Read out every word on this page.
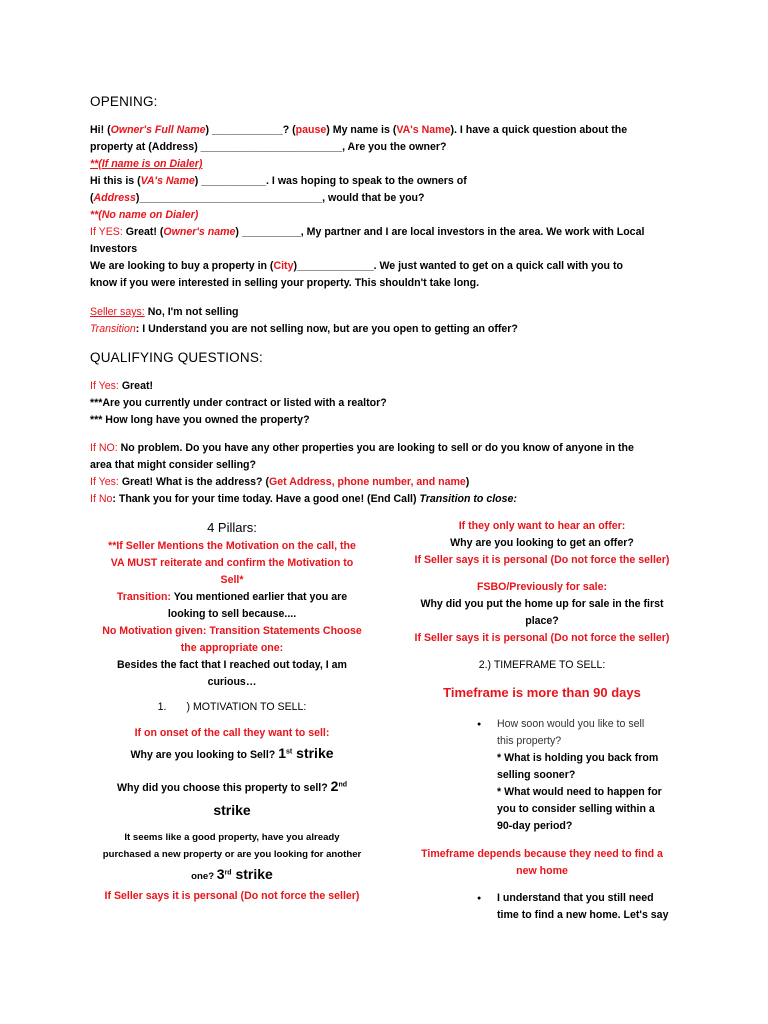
OPENING:
Hi! (Owner's Full Name) ____________? (pause) My name is (VA's Name). I have a quick question about the
property at (Address) ________________________, Are you the owner?
**(If name is on Dialer)
Hi this is (VA's Name) ___________. I was hoping to speak to the owners of
(Address)_______________________________, would that be you?
**(No name on Dialer)
If YES: Great! (Owner's name) __________, My partner and I are local investors in the area. We work with Local
Investors
We are looking to buy a property in (City)_____________. We just wanted to get on a quick call with you to
know if you were interested in selling your property. This shouldn't take long.
Seller says: No, I'm not selling
Transition: I Understand you are not selling now, but are you open to getting an offer?
QUALIFYING QUESTIONS:
If Yes: Great!
***Are you currently under contract or listed with a realtor?
*** How long have you owned the property?
If NO: No problem. Do you have any other properties you are looking to sell or do you know of anyone in the
area that might consider selling?
If Yes: Great! What is the address? (Get Address, phone number, and name)
If No: Thank you for your time today. Have a good one! (End Call) Transition to close:
4 Pillars:
**If Seller Mentions the Motivation on the call, the
VA MUST reiterate and confirm the Motivation to
Sell*
Transition: You mentioned earlier that you are
looking to sell because....
No Motivation given: Transition Statements Choose
the appropriate one:
Besides the fact that I reached out today, I am
curious…
1. ) MOTIVATION TO SELL:
If on onset of the call they want to sell:
Why are you looking to Sell? 1st strike
Why did you choose this property to sell? 2nd
strike
It seems like a good property, have you already
purchased a new property or are you looking for another
one? 3rd strike
If Seller says it is personal (Do not force the seller)
If they only want to hear an offer:
Why are you looking to get an offer?
If Seller says it is personal (Do not force the seller)
FSBO/Previously for sale:
Why did you put the home up for sale in the first
place?
If Seller says it is personal (Do not force the seller)
2.) TIMEFRAME TO SELL:
Timeframe is more than 90 days
● How soon would you like to sell
this property?
* What is holding you back from
selling sooner?
* What would need to happen for
you to consider selling within a
90-day period?
Timeframe depends because they need to find a
new home
● I understand that you still need
time to find a new home. Let's say
